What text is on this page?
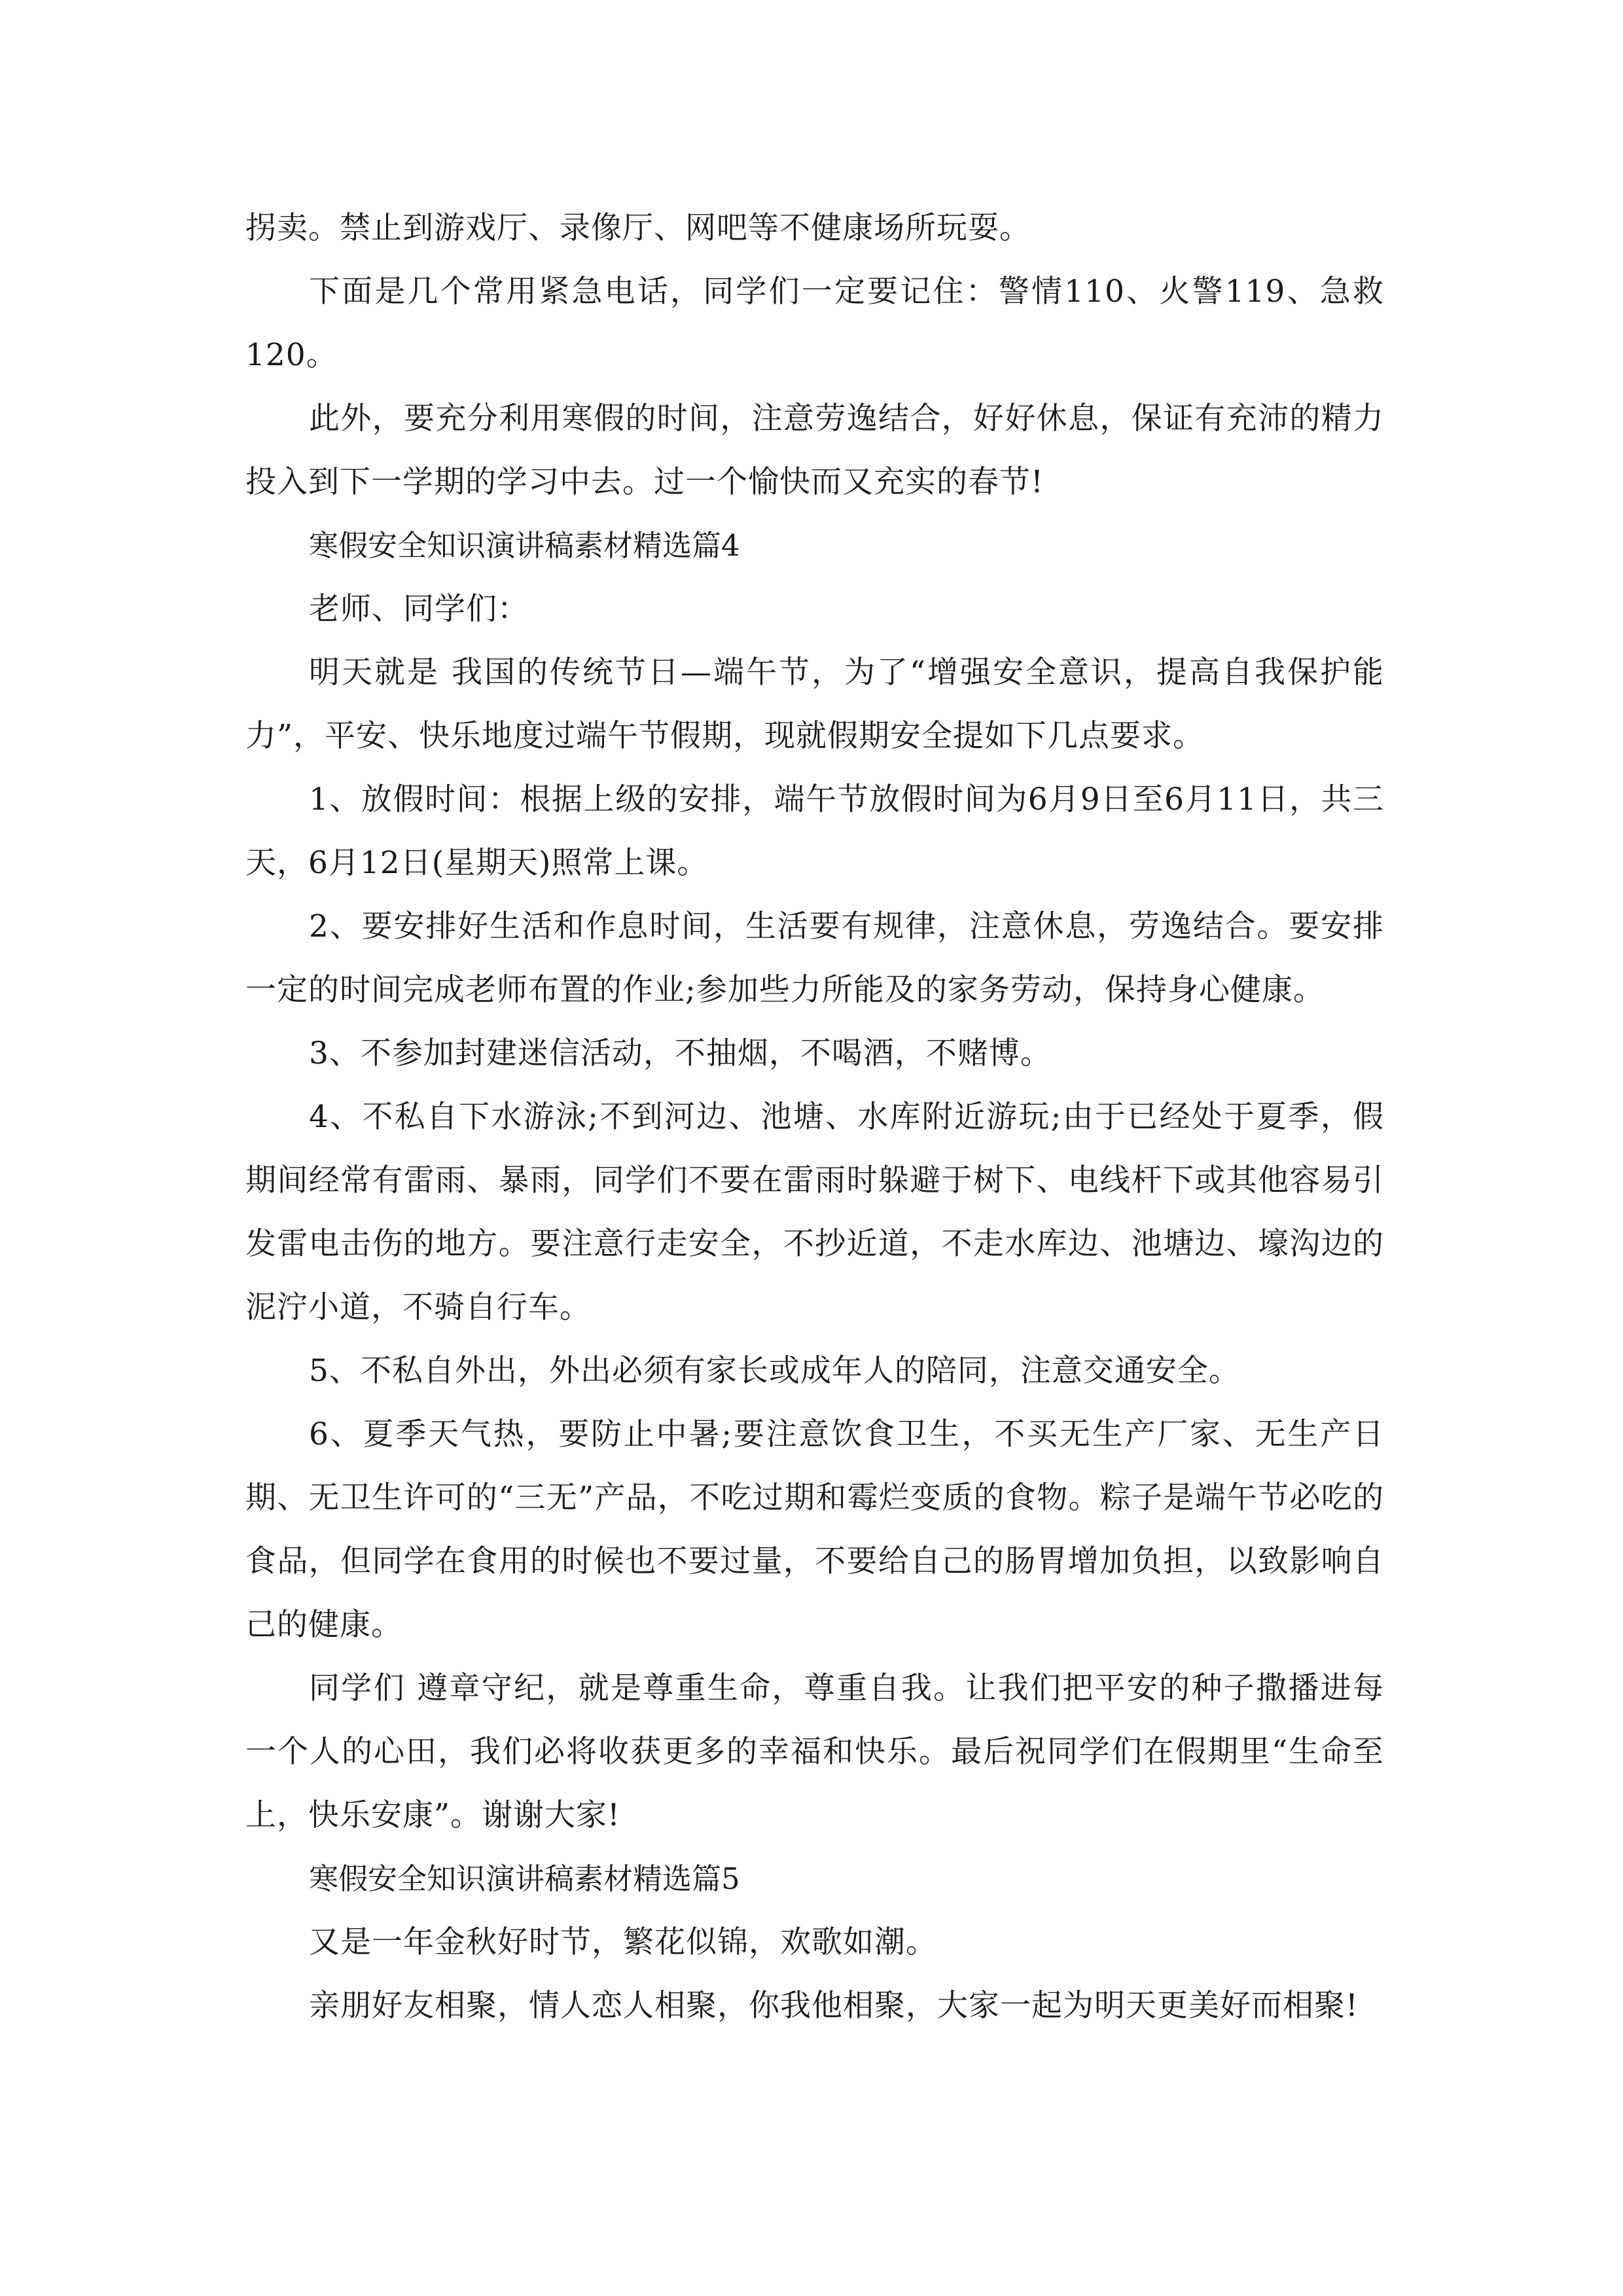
拐卖。禁止到游戏厅、录像厅、网吧等不健康场所玩耍。

下面是几个常用紧急电话，同学们一定要记住：警情110、火警119、急救120。

此外，要充分利用寒假的时间，注意劳逸结合，好好休息，保证有充沛的精力投入到下一学期的学习中去。过一个愉快而又充实的春节!

寒假安全知识演讲稿素材精选篇4

老师、同学们：

明天就是 我国的传统节日—端午节，为了“增强安全意识，提高自我保护能力”，平安、快乐地度过端午节假期，现就假期安全提如下几点要求。

1、放假时间：根据上级的安排，端午节放假时间为6月9日至6月11日，共三天，6月12日(星期天)照常上课。

2、要安排好生活和作息时间，生活要有规律，注意休息，劳逸结合。要安排一定的时间完成老师布置的作业;参加些力所能及的家务劳动，保持身心健康。

3、不参加封建迷信活动，不抽烟，不喝酒，不赌博。

4、不私自下水游泳;不到河边、池塘、水库附近游玩;由于已经处于夏季，假期间经常有雷雨、暴雨，同学们不要在雷雨时躲避于树下、电线杆下或其他容易引发雷电击伤的地方。要注意行走安全，不抄近道，不走水库边、池塘边、壕沟边的泥泞小道，不骑自行车。

5、不私自外出，外出必须有家长或成年人的陪同，注意交通安全。

6、夏季天气热，要防止中暑;要注意饮食卫生，不买无生产厂家、无生产日期、无卫生许可的“三无”产品，不吃过期和霉烂变质的食物。粽子是端午节必吃的食品，但同学在食用的时候也不要过量，不要给自己的肠胃增加负担，以致影响自己的健康。

同学们 遵章守纪，就是尊重生命，尊重自我。让我们把平安的种子撒播进每一个人的心田，我们必将收获更多的幸福和快乐。最后祝同学们在假期里“生命至上，快乐安康”。谢谢大家!

寒假安全知识演讲稿素材精选篇5

又是一年金秋好时节，繁花似锦，欢歌如潮。

亲朋好友相聚，情人恋人相聚，你我他相聚，大家一起为明天更美好而相聚!
